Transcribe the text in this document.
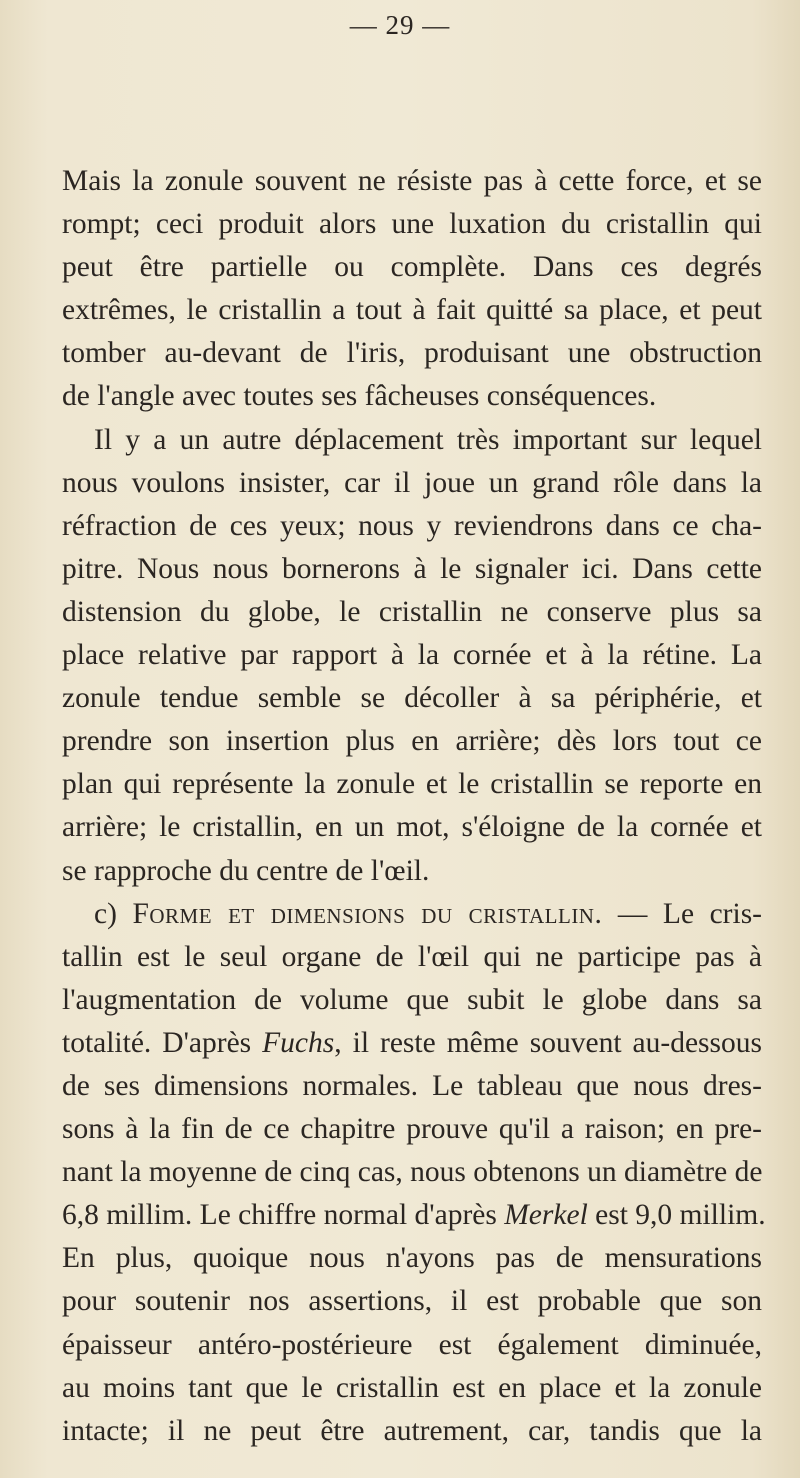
— 29 —
Mais la zonule souvent ne résiste pas à cette force, et se
rompt; ceci produit alors une luxation du cristallin qui
peut être partielle ou complète. Dans ces degrés
extrêmes, le cristallin a tout à fait quitté sa place, et peut
tomber au-devant de l'iris, produisant une obstruction
de l'angle avec toutes ses fâcheuses conséquences.
Il y a un autre déplacement très important sur lequel
nous voulons insister, car il joue un grand rôle dans la
réfraction de ces yeux; nous y reviendrons dans ce cha-
pitre. Nous nous bornerons à le signaler ici. Dans cette
distension du globe, le cristallin ne conserve plus sa
place relative par rapport à la cornée et à la rétine. La
zonule tendue semble se décoller à sa périphérie, et
prendre son insertion plus en arrière; dès lors tout ce
plan qui représente la zonule et le cristallin se reporte en
arrière; le cristallin, en un mot, s'éloigne de la cornée et
se rapproche du centre de l'œil.
c) Forme et dimensions du cristallin. — Le cris-
tallin est le seul organe de l'œil qui ne participe pas à
l'augmentation de volume que subit le globe dans sa
totalité. D'après Fuchs, il reste même souvent au-dessous
de ses dimensions normales. Le tableau que nous dres-
sons à la fin de ce chapitre prouve qu'il a raison; en pre-
nant la moyenne de cinq cas, nous obtenons un diamètre de
6,8 millim. Le chiffre normal d'après Merkel est 9,0 millim.
En plus, quoique nous n'ayons pas de mensurations
pour soutenir nos assertions, il est probable que son
épaisseur antéro-postérieure est également diminuée,
au moins tant que le cristallin est en place et la zonule
intacte; il ne peut être autrement, car, tandis que la
